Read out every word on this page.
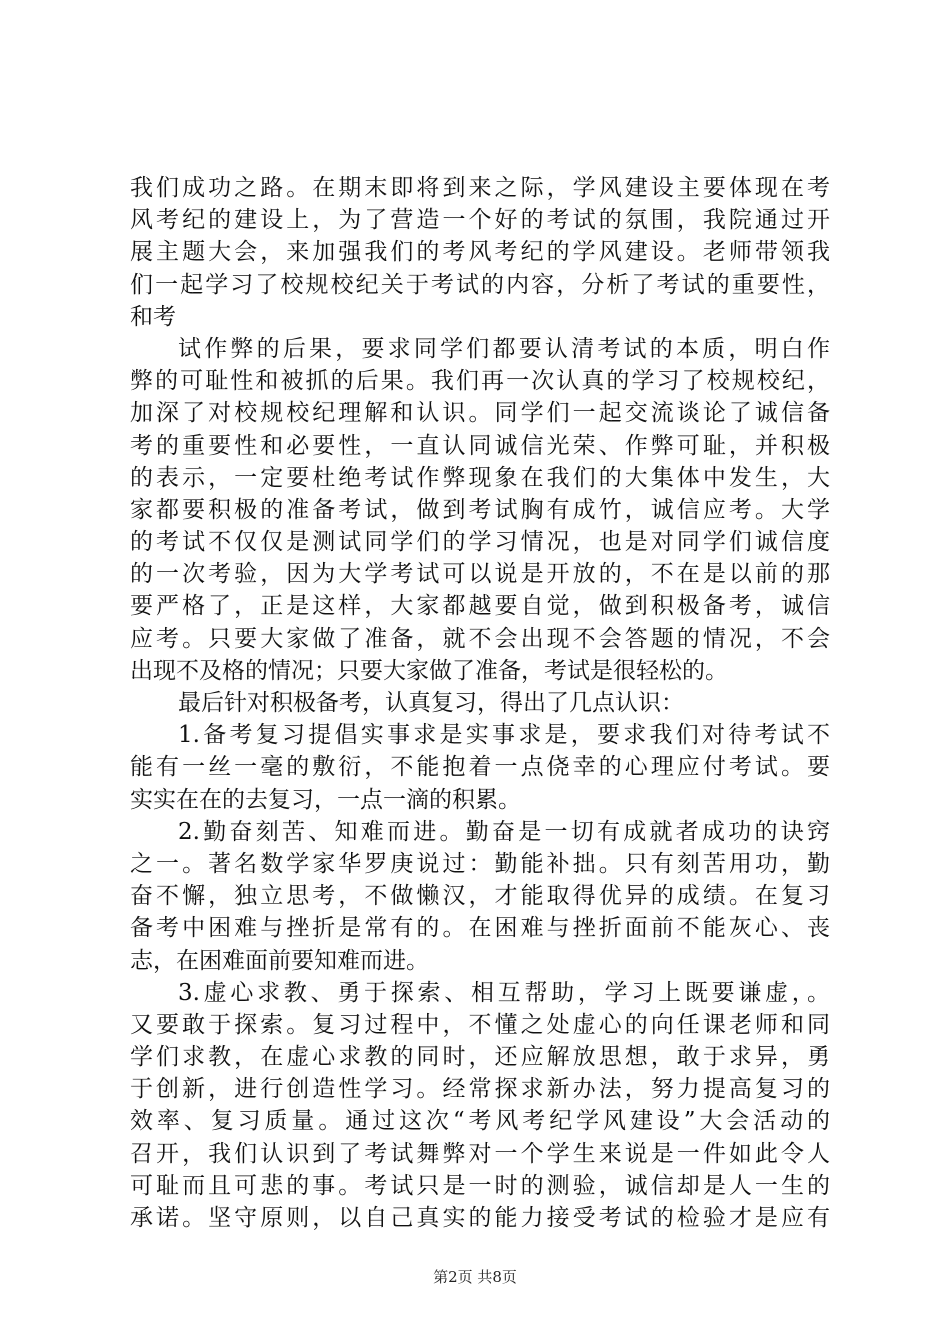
我们成功之路。在期末即将到来之际，学风建设主要体现在考
风考纪的建设上，为了营造一个好的考试的氛围，我院通过开
展主题大会，来加强我们的考风考纪的学风建设。老师带领我
们一起学习了校规校纪关于考试的内容，分析了考试的重要性，
和考
试作弊的后果，要求同学们都要认清考试的本质，明白作
弊的可耻性和被抓的后果。我们再一次认真的学习了校规校纪，
加深了对校规校纪理解和认识。同学们一起交流谈论了诚信备
考的重要性和必要性，一直认同诚信光荣、作弊可耻，并积极
的表示，一定要杜绝考试作弊现象在我们的大集体中发生，大
家都要积极的准备考试，做到考试胸有成竹，诚信应考。大学
的考试不仅仅是测试同学们的学习情况，也是对同学们诚信度
的一次考验，因为大学考试可以说是开放的，不在是以前的那
要严格了，正是这样，大家都越要自觉，做到积极备考，诚信
应考。只要大家做了准备，就不会出现不会答题的情况，不会
出现不及格的情况；只要大家做了准备，考试是很轻松的。
最后针对积极备考，认真复习，得出了几点认识：
1.备考复习提倡实事求是实事求是，要求我们对待考试不
能有一丝一毫的敷衍，不能抱着一点侥幸的心理应付考试。要
实实在在的去复习，一点一滴的积累。
2.勤奋刻苦、知难而进。勤奋是一切有成就者成功的诀窍
之一。著名数学家华罗庚说过：勤能补拙。只有刻苦用功，勤
奋不懈，独立思考，不做懒汉，才能取得优异的成绩。在复习
备考中困难与挫折是常有的。在困难与挫折面前不能灰心、丧
志，在困难面前要知难而进。
3.虚心求教、勇于探索、相互帮助，学习上既要谦虚，。
又要敢于探索。复习过程中，不懂之处虚心的向任课老师和同
学们求教，在虚心求教的同时，还应解放思想，敢于求异，勇
于创新，进行创造性学习。经常探求新办法，努力提高复习的
效率、复习质量。通过这次“考风考纪学风建设”大会活动的
召开，我们认识到了考试舞弊对一个学生来说是一件如此令人
可耻而且可悲的事。考试只是一时的测验，诚信却是人一生的
承诺。坚守原则，以自己真实的能力接受考试的检验才是应有
第2页 共8页
